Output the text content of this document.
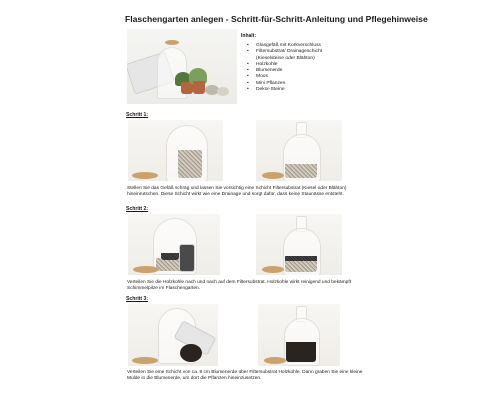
Flaschengarten anlegen - Schritt-für-Schritt-Anleitung und Pflegehinweise
Inhalt:
• Glasgefäß mit Korkverschluss
• Filtersubstrat/ Drainageschicht (Kieselsteine oder Blähton)
• Holzkohle
• Blumenerde
• Moos
• Mini Pflanzen
• Dekor-Steine
Schritt 1:

Stellen Sie das Gefäß schräg und lassen Sie vorsichtig eine Schicht Filtersubstrat (Kiesel oder Blähton) hineinrutschen. Diese Schicht wirkt wie eine Drainage und sorgt dafür, dass keine Staunässe entsteht.

Schritt 2:

Verteilen Sie die Holzkohle nach und nach auf dem Filtersubstrat. Holzkohle wirkt reinigend und bekämpft Schimmelpilze im Flaschengarten.

Schritt 3:

Verteilen Sie eine Schicht von ca. 8 cm Blumenerde über Filtersubstrat Holzkohle. Dann graben Sie eine kleine Mulde in die Blumenerde, um dort die Pflanzen hineinzusetzen.
